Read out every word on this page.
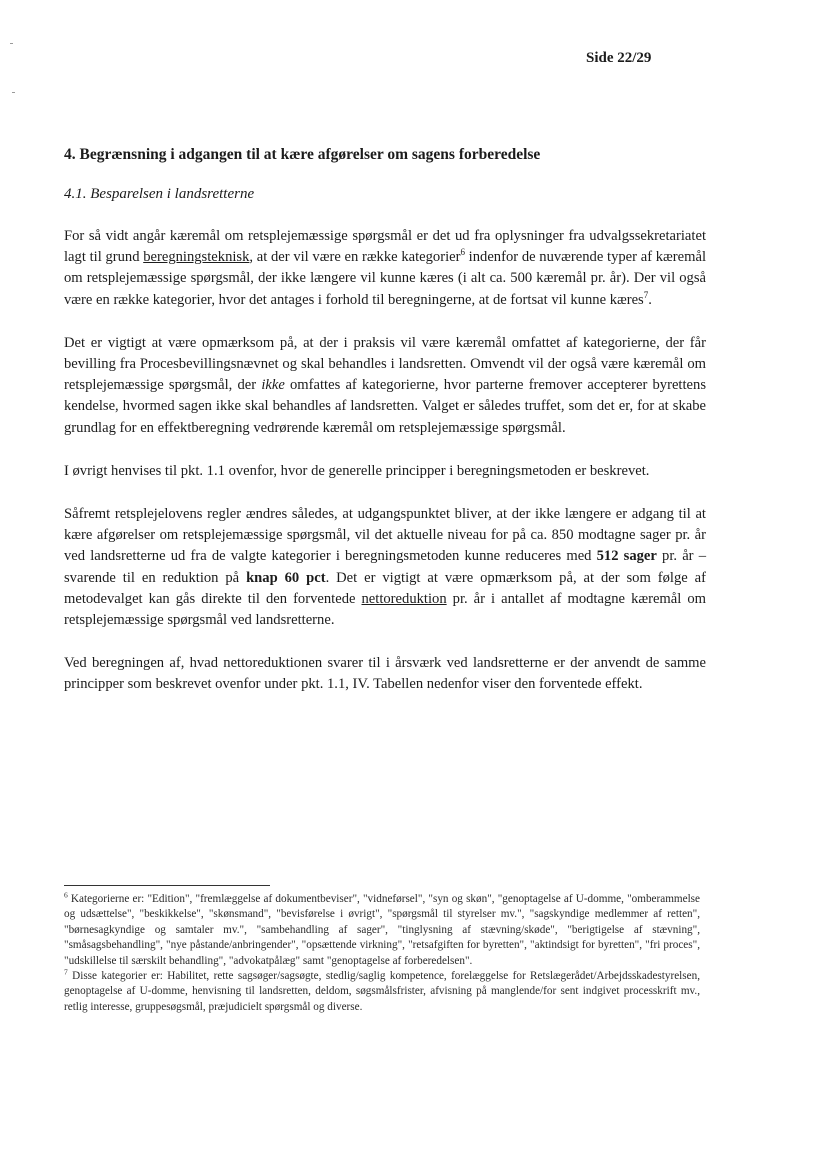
Side 22/29
4. Begrænsning i adgangen til at kære afgørelser om sagens forberedelse
4.1. Besparelsen i landsretterne

For så vidt angår kæremål om retsplejemæssige spørgsmål er det ud fra oplysninger fra udvalgssekretariatet lagt til grund beregningsteknisk, at der vil være en række kategorier$^6$ indenfor de nuværende typer af kæremål om retsplejemæssige spørgsmål, der ikke længere vil kunne kæres (i alt ca. 500 kæremål pr. år). Der vil også være en række kategorier, hvor det antages i forhold til beregningerne, at de fortsat vil kunne kæres$^7$.

Det er vigtigt at være opmærksom på, at der i praksis vil være kæremål omfattet af kategorierne, der får bevilling fra Procesbevillingsnævnet og skal behandles i landsretten. Omvendt vil der også være kæremål om retsplejemæssige spørgsmål, der ikke omfattes af kategorierne, hvor parterne fremover accepterer byrettens kendelse, hvormed sagen ikke skal behandles af landsretten. Valget er således truffet, som det er, for at skabe grundlag for en effektberegning vedrørende kæremål om retsplejemæssige spørgsmål.

I øvrigt henvises til pkt. 1.1 ovenfor, hvor de generelle principper i beregningsmetoden er beskrevet.

Såfremt retsplejelovens regler ændres således, at udgangspunktet bliver, at der ikke længere er adgang til at kære afgørelser om retsplejemæssige spørgsmål, vil det aktuelle niveau for på ca. 850 modtagne sager pr. år ved landsretterne ud fra de valgte kategorier i beregningsmetoden kunne reduceres med 512 sager pr. år – svarende til en reduktion på knap 60 pct. Det er vigtigt at være opmærksom på, at der som følge af metodevalget kan gås direkte til den forventede nettoreduktion pr. år i antallet af modtagne kæremål om retsplejemæssige spørgsmål ved landsretterne.

Ved beregningen af, hvad nettoreduktionen svarer til i årsværk ved landsretterne er der anvendt de samme principper som beskrevet ovenfor under pkt. 1.1, IV. Tabellen nedenfor viser den forventede effekt.

$^6$ Kategorierne er: "Edition", "fremlæggelse af dokumentbeviser", "vidneførsel", "syn og skøn", "genoptagelse af U-domme, "omberammelse og udsættelse", "beskikkelse", "skønsmand", "bevisførelse i øvrigt", "spørgsmål til styrelser mv.", "sagskyndige medlemmer af retten", "børnesagkyndige og samtaler mv.", "sambehandling af sager", "tinglysning af stævning/skøde", "berigtigelse af stævning", "småsagsbehandling", "nye påstande/anbringender", "opsættende virkning", "retsafgiften for byretten", "aktindsigt for byretten", "fri proces", "udskillelse til særskilt behandling", "advokatpålæg" samt "genoptagelse af forberedelsen".

$^7$ Disse kategorier er: Habilitet, rette sagsøger/sagsøgte, stedlig/saglig kompetence, forelæggelse for Retslægerådet/Arbejdsskadestyrelsen, genoptagelse af U-domme, henvisning til landsretten, deldom, søgsmålsfrister, afvisning på manglende/for sent indgivet processkrift mv., retlig interesse, gruppesøgsmål, præjudicielt spørgsmål og diverse.
